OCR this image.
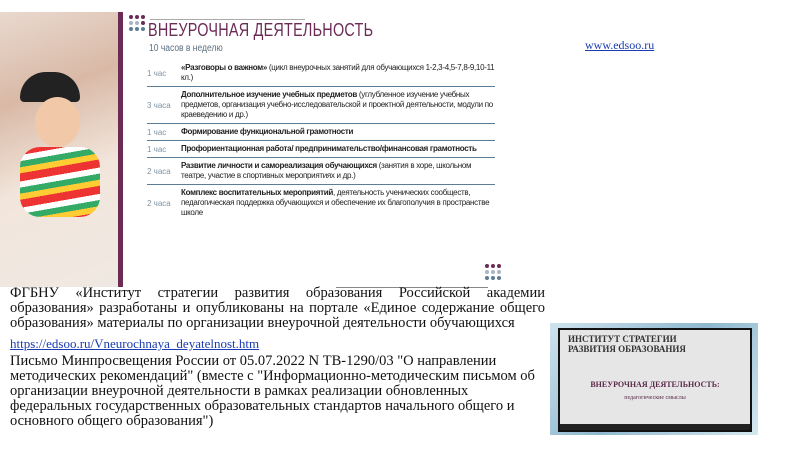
ВНЕУРОЧНАЯ ДЕЯТЕЛЬНОСТЬ
10 часов в неделю
1 час
«Разговоры о важном» (цикл внеурочных занятий для обучающихся 1-2,3-4,5-7,8-9,10-11 кл.)
3 часа
Дополнительное изучение учебных предметов (углубленное изучение учебных предметов, организация учебно-исследовательской и проектной деятельности, модули по краеведению и др.)
1 час	Формирование функциональной грамотности
1 час	Профориентационная работа/ предпринимательство/финансовая грамотность
2 часа
Развитие личности и самореализация обучающихся (занятия в хоре, школьном театре, участие в спортивных мероприятиях и др.)
2 часа
Комплекс воспитательных мероприятий, деятельность ученических сообществ, педагогическая поддержка обучающихся и обеспечение их благополучия в пространстве школе
www.edsoo.ru
ФГБНУ «Институт стратегии развития образования Российской академии образования» разработаны и опубликованы на портале «Единое содержание общего образования» материалы по организации внеурочной деятельности обучающихся
https://edsoo.ru/Vneurochnaya_deyatelnost.htm
Письмо Минпросвещения России от 05.07.2022 N ТВ-1290/03 "О направлении методических рекомендаций" (вместе с "Информационно-методическим письмом об организации внеурочной деятельности в рамках реализации обновленных федеральных государственных образовательных стандартов начального общего и основного общего образования")
ИНСТИТУТ СТРАТЕГИИ РАЗВИТИЯ ОБРАЗОВАНИЯ
ВНЕУРОЧНАЯ ДЕЯТЕЛЬНОСТЬ:
педагогические смыслы
